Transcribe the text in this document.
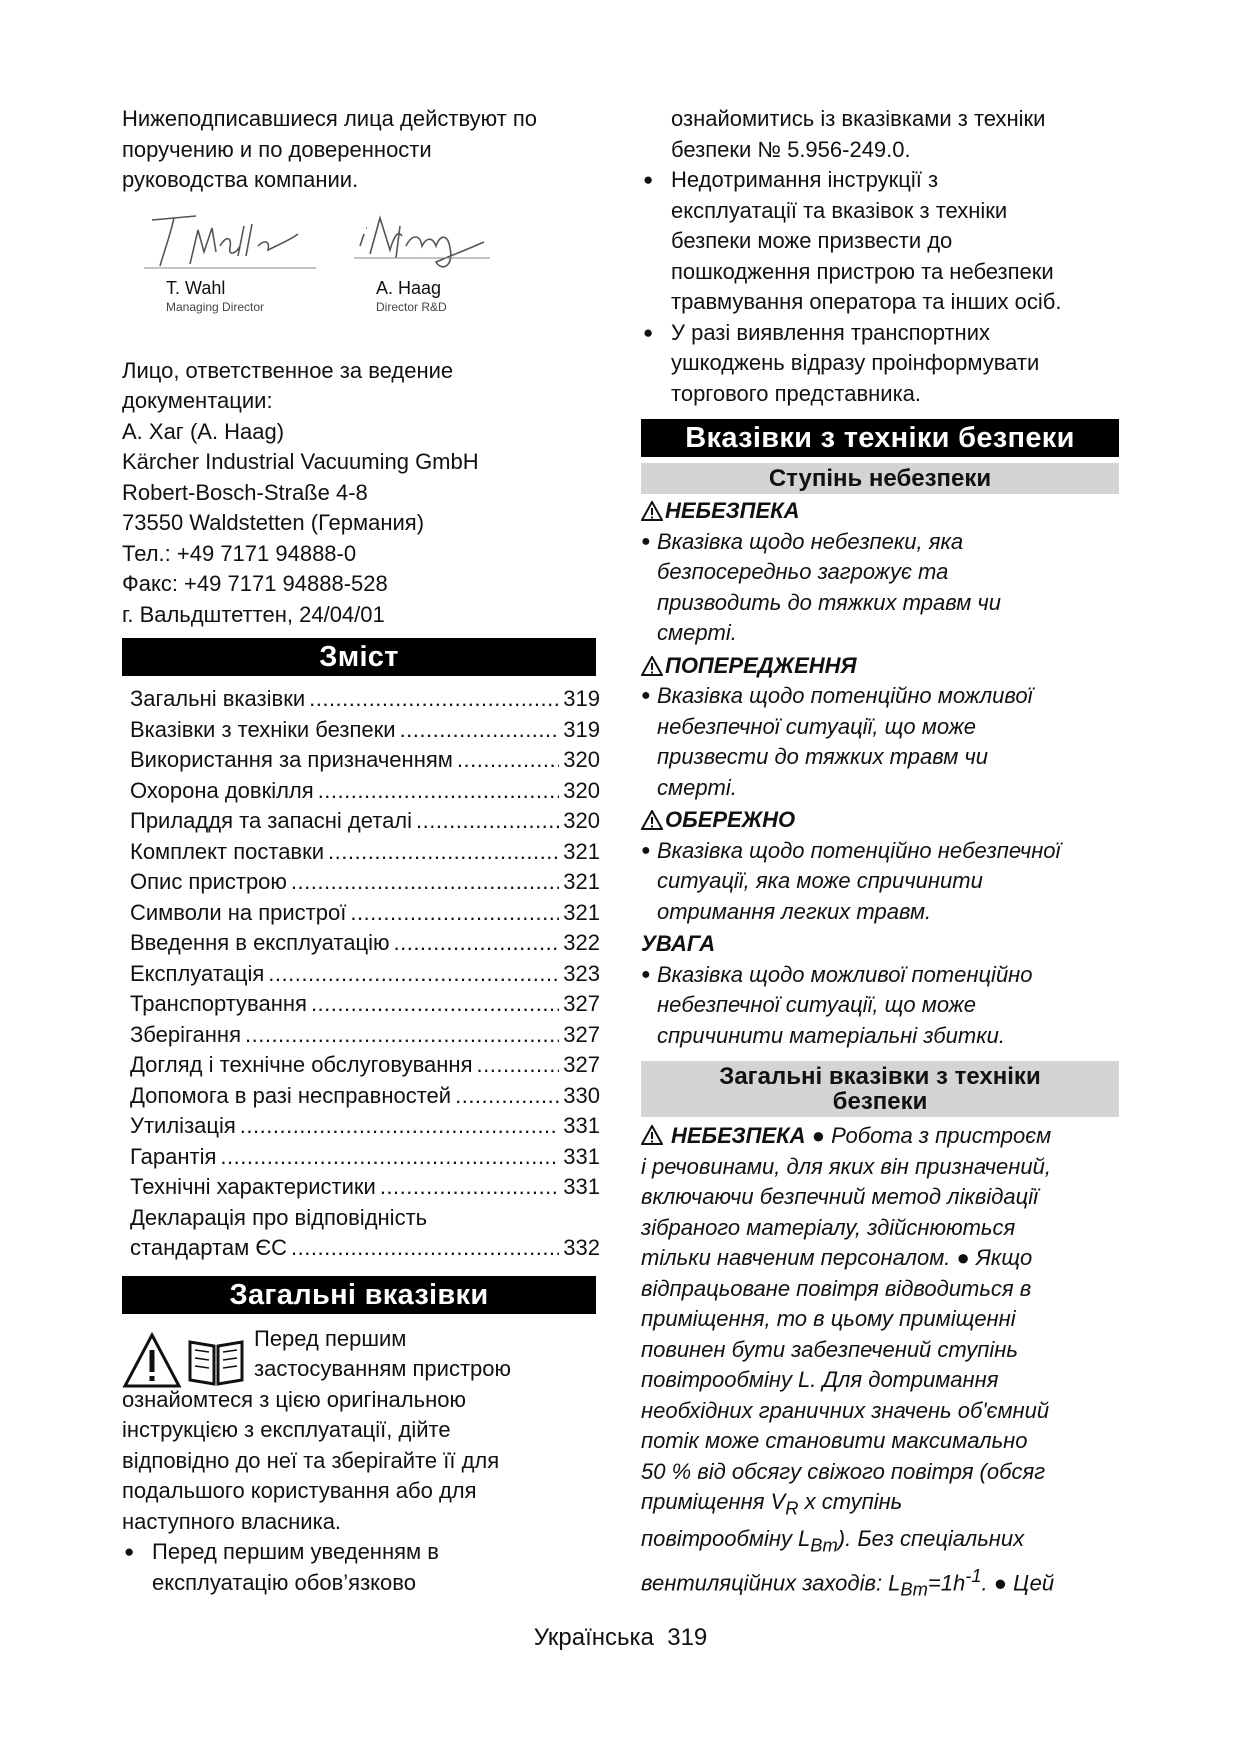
Нижеподписавшиеся лица действуют по

поручению и по доверенности

руководства компании.

T. Wahl
Managing Director
A. Haag
Director R&D

Лицо, ответственное за ведение

документации:

А. Хаг (A. Haag)

Kärcher Industrial Vacuuming GmbH

Robert-Bosch-Straße 4-8

73550 Waldstetten (Германия)

Тел.: +49 7171 94888-0

Факс: +49 7171 94888-528

г. Вальдштеттен, 24/04/01

Зміст
Загальні вказівки .....	319
Вказівки з техніки безпеки .....	319
Використання за призначенням .....	320
Охорона довкілля .....	320
Приладдя та запасні деталі .....	320
Комплект поставки .....	321
Опис пристрою .....	321
Символи на пристрої .....	321
Введення в експлуатацію .....	322
Експлуатація .....	323
Транспортування .....	327
Зберігання .....	327
Догляд і технічне обслуговування .....	327
Допомога в разі несправностей .....	330
Утилізація .....	331
Гарантія .....	331
Технічні характеристики .....	331
Декларація про відповідність
стандартам ЄС .....	332
Загальні вказівки

Перед першим

застосуванням пристрою

ознайомтеся з цією оригінальною

інструкцією з експлуатації, дійте

відповідно до неї та зберігайте її для

подальшого користування або для

наступного власника.

● Перед першим уведенням в

експлуатацію обов’язково

ознайомитись із вказівками з техніки

безпеки № 5.956-249.0.

● Недотримання інструкції з

експлуатації та вказівок з техніки

безпеки може призвести до

пошкодження пристрою та небезпеки

травмування оператора та інших осіб.

● У разі виявлення транспортних

ушкоджень відразу проінформувати

торгового представника.

Вказівки з техніки безпеки
Ступінь небезпеки
НЕБЕЗПЕКА

● Вказівка щодо небезпеки, яка

безпосередньо загрожує та

призводить до тяжких травм чи

смерті.

ПОПЕРЕДЖЕННЯ

● Вказівка щодо потенційно можливої

небезпечної ситуації, що може

призвести до тяжких травм чи

смерті.

ОБЕРЕЖНО

● Вказівка щодо потенційно небезпечної

ситуації, яка може спричинити

отримання легких травм.

УВАГА

● Вказівка щодо можливої потенційно

небезпечної ситуації, що може

спричинити матеріальні збитки.

Загальні вказівки з техніки
безпеки

НЕБЕЗПЕКА ● Робота з пристроєм

і речовинами, для яких він призначений,

включаючи безпечний метод ліквідації

зібраного матеріалу, здійснюються

тільки навченим персоналом. ● Якщо

відпрацьоване повітря відводиться в

приміщення, то в цьому приміщенні

повинен бути забезпечений ступінь

повітрообміну L. Для дотримання

необхідних граничних значень об'ємний

потік може становити максимально

50 % від обсягу свіжого повітря (обсяг

приміщення $V_R$ х ступінь

повітрообміну $L_{Bm}$). Без спеціальних

вентиляційних заходів: $L_{Bm}=1h^{-1}$. ● Цей

Українська 319
